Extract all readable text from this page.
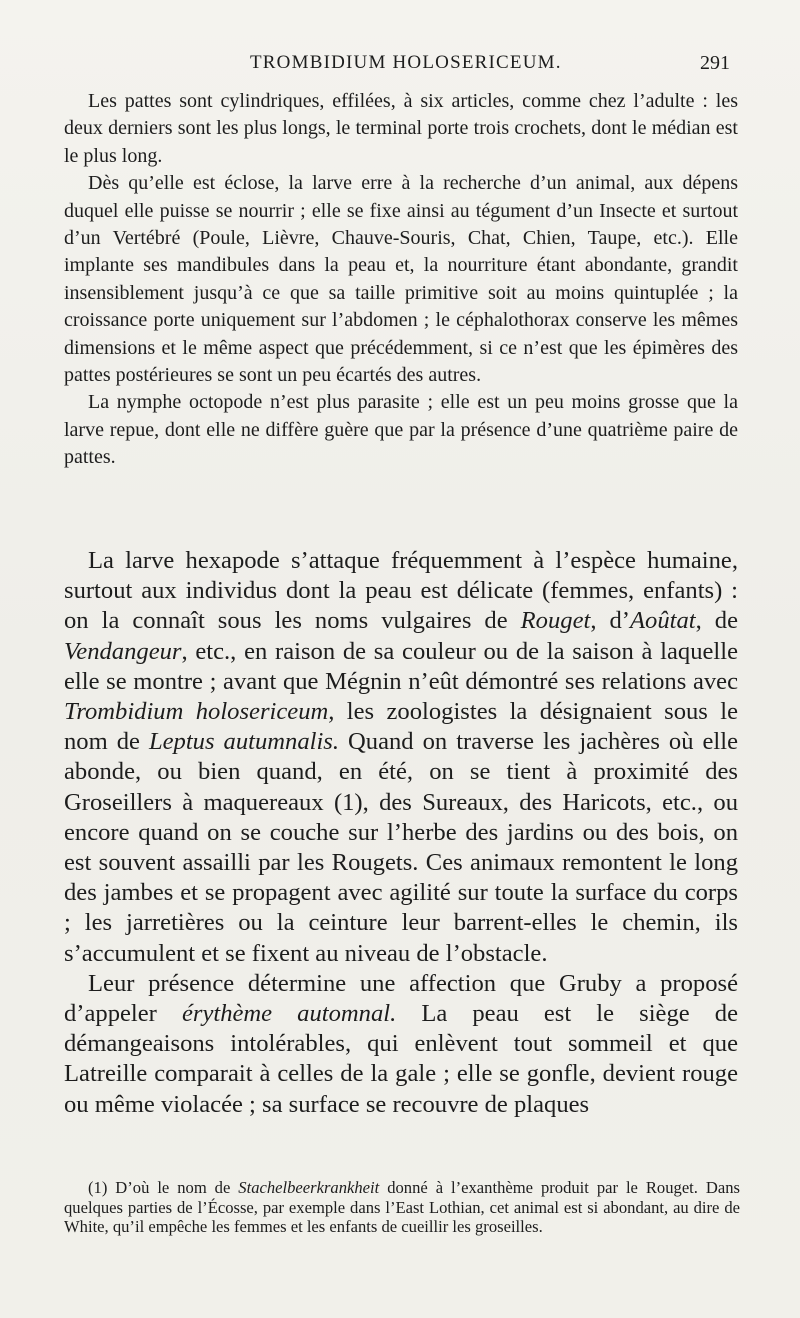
TROMBIDIUM HOLOSERICEUM.	291

Les pattes sont cylindriques, effilées, à six articles, comme chez l’adulte : les deux derniers sont les plus longs, le terminal porte trois crochets, dont le médian est le plus long.

Dès qu’elle est éclose, la larve erre à la recherche d’un animal, aux dépens duquel elle puisse se nourrir ; elle se fixe ainsi au tégument d’un Insecte et surtout d’un Vertébré (Poule, Lièvre, Chauve-Souris, Chat, Chien, Taupe, etc.). Elle implante ses mandibules dans la peau et, la nourriture étant abondante, grandit insensiblement jusqu’à ce que sa taille primitive soit au moins quintuplée ; la croissance porte uniquement sur l’abdomen ; le céphalothorax conserve les mêmes dimensions et le même aspect que précédemment, si ce n’est que les épimères des pattes postérieures se sont un peu écartés des autres.

La nymphe octopode n’est plus parasite ; elle est un peu moins grosse que la larve repue, dont elle ne diffère guère que par la présence d’une quatrième paire de pattes.

La larve hexapode s’attaque fréquemment à l’espèce humaine, surtout aux individus dont la peau est délicate (femmes, enfants) : on la connaît sous les noms vulgaires de Rouget, d’Aoûtat, de Vendangeur, etc., en raison de sa couleur ou de la saison à laquelle elle se montre ; avant que Mégnin n’eût démontré ses relations avec Trombidium holosericeum, les zoologistes la désignaient sous le nom de Leptus autumnalis. Quand on traverse les jachères où elle abonde, ou bien quand, en été, on se tient à proximité des Groseillers à maquereaux (1), des Sureaux, des Haricots, etc., ou encore quand on se couche sur l’herbe des jardins ou des bois, on est souvent assailli par les Rougets. Ces animaux remontent le long des jambes et se propagent avec agilité sur toute la surface du corps ; les jarretières ou la ceinture leur barrent-elles le chemin, ils s’accumulent et se fixent au niveau de l’obstacle.

Leur présence détermine une affection que Gruby a proposé d’appeler érythème automnal. La peau est le siège de démangeaisons intolérables, qui enlèvent tout sommeil et que Latreille comparait à celles de la gale ; elle se gonfle, devient rouge ou même violacée ; sa surface se recouvre de plaques

(1) D’où le nom de Stachelbeerkrankheit donné à l’exanthème produit par le Rouget. Dans quelques parties de l’Écosse, par exemple dans l’East Lothian, cet animal est si abondant, au dire de White, qu’il empêche les femmes et les enfants de cueillir les groseilles.
